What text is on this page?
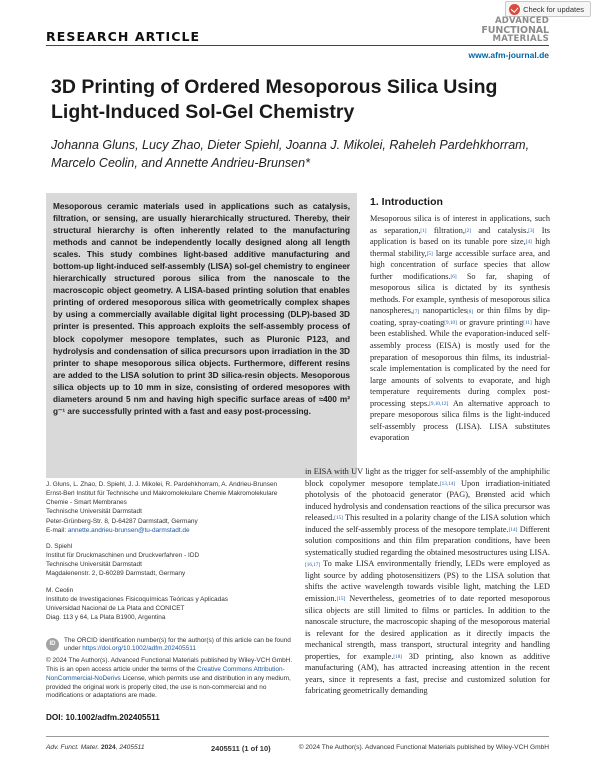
RESEARCH ARTICLE
Check for updates
ADVANCED
FUNCTIONAL
MATERIALS
www.afm-journal.de
3D Printing of Ordered Mesoporous Silica Using Light-Induced Sol-Gel Chemistry
Johanna Gluns, Lucy Zhao, Dieter Spiehl, Joanna J. Mikolei, Raheleh Pardehkhorram, Marcelo Ceolin, and Annette Andrieu-Brunsen*

Mesoporous ceramic materials used in applications such as catalysis, filtration, or sensing, are usually hierarchically structured. Thereby, their structural hierarchy is often inherently related to the manufacturing methods and cannot be independently locally designed along all length scales. This study combines light-based additive manufacturing and bottom-up light-induced self-assembly (LISA) sol-gel chemistry to engineer hierarchically structured porous silica from the nanoscale to the macroscopic object geometry. A LISA-based printing solution that enables printing of ordered mesoporous silica with geometrically complex shapes by using a commercially available digital light processing (DLP)-based 3D printer is presented. This approach exploits the self-assembly process of block copolymer mesopore templates, such as Pluronic P123, and hydrolysis and condensation of silica precursors upon irradiation in the 3D printer to shape mesoporous silica objects. Furthermore, different resins are added to the LISA solution to print 3D silica-resin objects. Mesoporous silica objects up to 10 mm in size, consisting of ordered mesopores with diameters around 5 nm and having high specific surface areas of ≈400 m² g⁻¹ are successfully printed with a fast and easy post-processing.

1. Introduction

Mesoporous silica is of interest in applications, such as separation,[1] filtration,[2] and catalysis.[3] Its application is based on its tunable pore size,[4] high thermal stability,[5] large accessible surface area, and high concentration of surface species that allow further modifications.[6] So far, shaping of mesoporous silica is dictated by its synthesis methods. For example, synthesis of mesoporous silica nanospheres,[7] nanoparticles[8] or thin films by dip-coating, spray-coating[9,10] or gravure printing[11] have been established. While the evaporation-induced self-assembly process (EISA) is mostly used for the preparation of mesoporous thin films, its industrial-scale implementation is complicated by the need for large amounts of solvents to evaporate, and high temperature requirements during complex post-processing steps.[9,10,12] An alternative approach to prepare mesoporous silica films is the light-induced self-assembly process (LISA). LISA substitutes evaporation

in EISA with UV light as the trigger for self-assembly of the amphiphilic block copolymer mesopore template.[13,14] Upon irradiation-initiated photolysis of the photoacid generator (PAG), Brønsted acid which induced hydrolysis and condensation reactions of the silica precursor was released.[15] This resulted in a polarity change of the LISA solution which induced the self-assembly process of the mesopore template.[14] Different solution compositions and thin film preparation conditions, have been systematically studied regarding the obtained mesostructures using LISA.[16,17] To make LISA environmentally friendly, LEDs were employed as light source by adding photosensitizers (PS) to the LISA solution that shifts the active wavelength towards visible light, matching the LED emission.[15] Nevertheless, geometries of to date reported mesoporous silica objects are still limited to films or particles. In addition to the nanoscale structure, the macroscopic shaping of the mesoporous material is relevant for the desired application as it directly impacts the mechanical strength, mass transport, structural integrity and handling properties, for example.[18] 3D printing, also known as additive manufacturing (AM), has attracted increasing attention in the recent years, since it represents a fast, precise and customized solution for fabricating geometrically demanding

J. Gluns, L. Zhao, D. Spiehl, J. J. Mikolei, R. Pardehkhorram, A. Andrieu-Brunsen
Ernst-Berl Institut für Technische und Makromolekulare Chemie Makromolekulare Chemie - Smart Membranes
Technische Universität Darmstadt
Peter-Grünberg-Str. 8, D-64287 Darmstadt, Germany
E-mail: annette.andrieu-brunsen@tu-darmstadt.de
D. Spiehl
Institut für Druckmaschinen und Druckverfahren - IDD
Technische Universität Darmstadt
Magdalenenstr. 2, D-60289 Darmstadt, Germany
M. Ceolin
Instituto de Investigaciones Fisicoquímicas Teóricas y Aplicadas
Universidad Nacional de La Plata and CONICET
Diag. 113 y 64, La Plata B1900, Argentina
ID
The ORCID identification number(s) for the author(s) of this article can be found under https://doi.org/10.1002/adfm.202405511
© 2024 The Author(s). Advanced Functional Materials published by Wiley-VCH GmbH. This is an open access article under the terms of the Creative Commons Attribution-NonCommercial-NoDerivs License, which permits use and distribution in any medium, provided the original work is properly cited, the use is non-commercial and no modifications or adaptations are made.
DOI: 10.1002/adfm.202405511
Adv. Funct. Mater. 2024, 2405511	2405511 (1 of 10)	© 2024 The Author(s). Advanced Functional Materials published by Wiley-VCH GmbH
